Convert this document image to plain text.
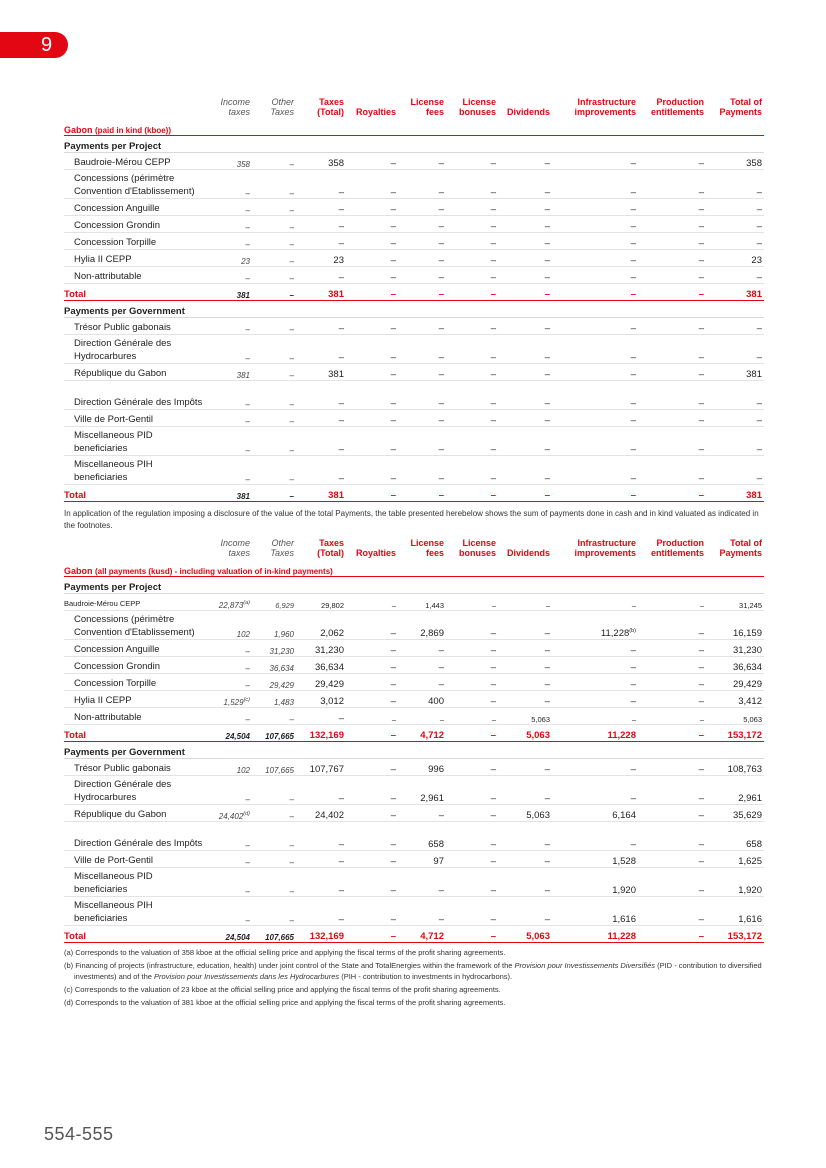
9
	Income taxes	Other Taxes	Taxes (Total)	Royalties	License fees	License bonuses	Dividends	Infrastructure improvements	Production entitlements	Total of Payments
Gabon (paid in kind (kboe))										
Payments per Project										
Baudroie-Mérou CEPP	358	–	358	–	–	–	–	–	–	358
Concessions (périmètre Convention d'Etablissement)	–	–	–	–	–	–	–	–	–	–
Concession Anguille	–	–	–	–	–	–	–	–	–	–
Concession Grondin	–	–	–	–	–	–	–	–	–	–
Concession Torpille	–	–	–	–	–	–	–	–	–	–
Hylia II CEPP	23	–	23	–	–	–	–	–	–	23
Non-attributable	–	–	–	–	–	–	–	–	–	–
Total	381	–	381	–	–	–	–	–	–	381
Payments per Government										
Trésor Public gabonais	–	–	–	–	–	–	–	–	–	–
Direction Générale des Hydrocarbures	–	–	–	–	–	–	–	–	–	–
République du Gabon	381	–	381	–	–	–	–	–	–	381
Direction Générale des Impôts	–	–	–	–	–	–	–	–	–	–
Ville de Port-Gentil	–	–	–	–	–	–	–	–	–	–
Miscellaneous PID beneficiaries	–	–	–	–	–	–	–	–	–	–
Miscellaneous PIH beneficiaries	–	–	–	–	–	–	–	–	–	–
Total	381	–	381	–	–	–	–	–	–	381
In application of the regulation imposing a disclosure of the value of the total Payments, the table presented herebelow shows the sum of payments done in cash and in kind valuated as indicated in the footnotes.
	Income taxes	Other Taxes	Taxes (Total)	Royalties	License fees	License bonuses	Dividends	Infrastructure improvements	Production entitlements	Total of Payments
Gabon (all payments (kusd) - including valuation of in-kind payments)										
Payments per Project										
Baudroie-Mérou CEPP	22,873$^{(a)}$	6,929	29,802	–	1,443	–	–	–	–	31,245
Concessions (périmètre Convention d'Etablissement)	102	1,960	2,062	–	2,869	–	–	11,228$^{(b)}$	–	16,159
Concession Anguille	–	31,230	31,230	–	–	–	–	–	–	31,230
Concession Grondin	–	36,634	36,634	–	–	–	–	–	–	36,634
Concession Torpille	–	29,429	29,429	–	–	–	–	–	–	29,429
Hylia II CEPP	1,529$^{(c)}$	1,483	3,012	–	400	–	–	–	–	3,412
Non-attributable	–	–	–	–	–	–	5,063	–	–	5,063
Total	24,504	107,665	132,169	–	4,712	–	5,063	11,228	–	153,172
Payments per Government										
Trésor Public gabonais	102	107,665	107,767	–	996	–	–	–	–	108,763
Direction Générale des Hydrocarbures	–	–	–	–	2,961	–	–	–	–	2,961
République du Gabon	24,402$^{(d)}$	–	24,402	–	–	–	5,063	6,164	–	35,629
Direction Générale des Impôts	–	–	–	–	658	–	–	–	–	658
Ville de Port-Gentil	–	–	–	–	97	–	–	1,528	–	1,625
Miscellaneous PID beneficiaries	–	–	–	–	–	–	–	1,920	–	1,920
Miscellaneous PIH beneficiaries	–	–	–	–	–	–	–	1,616	–	1,616
Total	24,504	107,665	132,169	–	4,712	–	5,063	11,228	–	153,172

(a) Corresponds to the valuation of 358 kboe at the official selling price and applying the fiscal terms of the profit sharing agreements.

(b) Financing of projects (infrastructure, education, health) under joint control of the State and TotalEnergies within the framework of the Provision pour Investissements Diversifiés (PID - contribution to diversified investments) and of the Provision pour Investissements dans les Hydrocarbures (PIH - contribution to investments in hydrocarbons).

(c) Corresponds to the valuation of 23 kboe at the official selling price and applying the fiscal terms of the profit sharing agreements.

(d) Corresponds to the valuation of 381 kboe at the official selling price and applying the fiscal terms of the profit sharing agreements.

554-555
